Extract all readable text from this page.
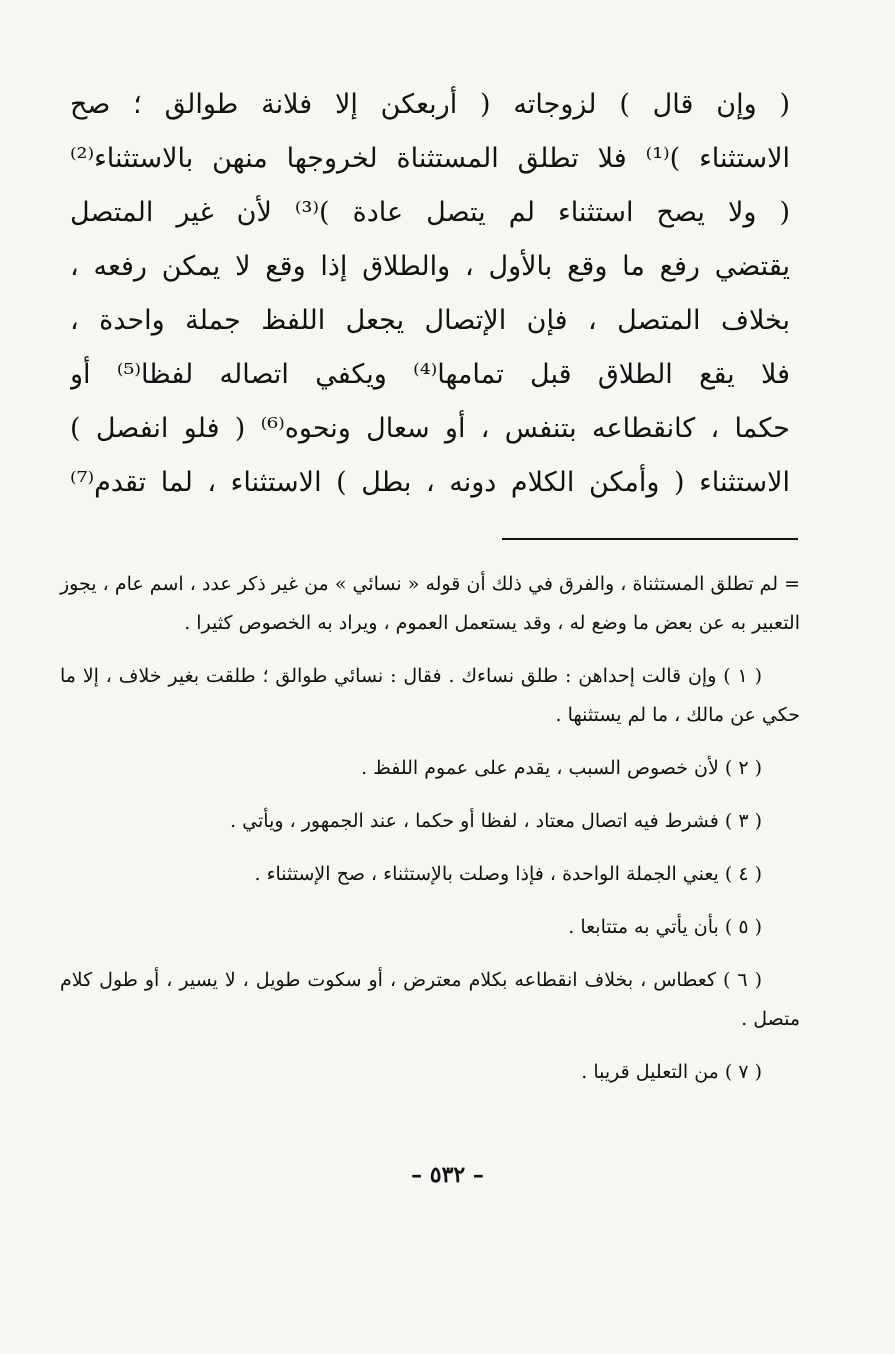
( وإن قال ) لزوجاته ( أربعكن إلا فلانة طوالق ؛ صح
الاستثناء )⁽¹⁾ فلا تطلق المستثناة لخروجها منهن بالاستثناء⁽²⁾
( ولا يصح استثناء لم يتصل عادة )⁽³⁾ لأن غير المتصل
يقتضي رفع ما وقع بالأول ، والطلاق إذا وقع لا يمكن رفعه ،
بخلاف المتصل ، فإن الإتصال يجعل اللفظ جملة واحدة ،
فلا يقع الطلاق قبل تمامها⁽⁴⁾ ويكفي اتصاله لفظا⁽⁵⁾ أو
حكما ، كانقطاعه بتنفس ، أو سعال ونحوه⁽⁶⁾ ( فلو انفصل )
الاستثناء ( وأمكن الكلام دونه ، بطل ) الاستثناء ، لما تقدم⁽⁷⁾

= لم تطلق المستثناة ، والفرق في ذلك أن قوله « نسائي » من غير ذكر عدد ، اسم عام ، يجوز التعبير به عن بعض ما وضع له ، وقد يستعمل العموم ، ويراد به الخصوص كثيرا .

( ١ ) وإن قالت إحداهن : طلق نساءك . فقال : نسائي طوالق ؛ طلقت بغير خلاف ، إلا ما حكي عن مالك ، ما لم يستثنها .

( ٢ ) لأن خصوص السبب ، يقدم على عموم اللفظ .

( ٣ ) فشرط فيه اتصال معتاد ، لفظا أو حكما ، عند الجمهور ، ويأتي .

( ٤ ) يعني الجملة الواحدة ، فإذا وصلت بالإستثناء ، صح الإستثناء .

( ٥ ) بأن يأتي به متتابعا .

( ٦ ) كعطاس ، بخلاف انقطاعه بكلام معترض ، أو سكوت طويل ، لا يسير ، أو طول كلام متصل .

( ٧ ) من التعليل قريبا .

– ٥٣٢ –
